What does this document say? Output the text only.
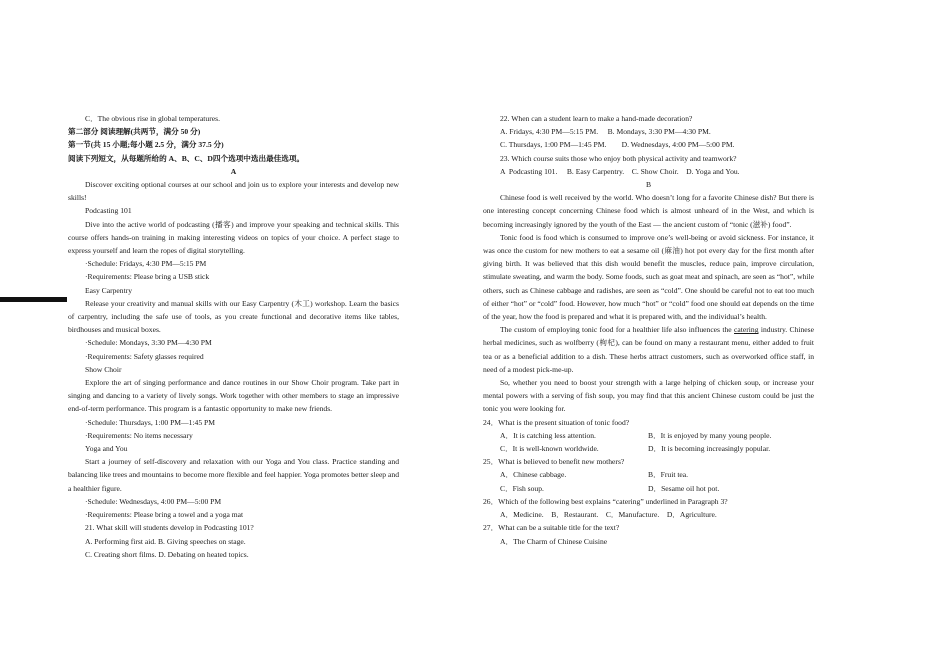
C．The obvious rise in global temperatures.

第二部分 阅读理解(共两节，满分 50 分)

第一节(共 15 小题;每小题 2.5 分，满分 37.5 分)

阅读下列短文，从每题所给的 A、B、C、D四个选项中选出最佳选项。

A

Discover exciting optional courses at our school and join us to explore your interests and develop new skills!

Podcasting 101

Dive into the active world of podcasting (播客) and improve your speaking and technical skills. This course offers hands-on training in making interesting videos on topics of your choice. A perfect stage to express yourself and learn the ropes of digital storytelling.

·Schedule: Fridays, 4:30 PM—5:15 PM

·Requirements: Please bring a USB stick

Easy Carpentry

Release your creativity and manual skills with our Easy Carpentry (木工) workshop. Learn the basics of carpentry, including the safe use of tools, as you create functional and decorative items like tables, birdhouses and musical boxes.

·Schedule: Mondays, 3:30 PM—4:30 PM

·Requirements: Safety glasses required

Show Choir

Explore the art of singing performance and dance routines in our Show Choir program. Take part in singing and dancing to a variety of lively songs. Work together with other members to stage an impressive end-of-term performance. This program is a fantastic opportunity to make new friends.

·Schedule: Thursdays, 1:00 PM—1:45 PM

·Requirements: No items necessary

Yoga and You

Start a journey of self-discovery and relaxation with our Yoga and You class. Practice standing and balancing like trees and mountains to become more flexible and feel happier. Yoga promotes better sleep and a healthier figure.

·Schedule: Wednesdays, 4:00 PM—5:00 PM

·Requirements: Please bring a towel and a yoga mat

21. What skill will students develop in Podcasting 101?

A. Performing first aid. B. Giving speeches on stage.

C. Creating short films. D. Debating on heated topics.

22. When can a student learn to make a hand-made decoration?

A. Fridays, 4:30 PM—5:15 PM.     B. Mondays, 3:30 PM—4:30 PM.

C. Thursdays, 1:00 PM—1:45 PM.        D. Wednesdays, 4:00 PM—5:00 PM.

23. Which course suits those who enjoy both physical activity and teamwork?

A  Podcasting 101.     B. Easy Carpentry.    C. Show Choir.    D. Yoga and You.

B

Chinese food is well received by the world. Who doesn’t long for a favorite Chinese dish? But there is one interesting concept concerning Chinese food which is almost unheard of in the West, and which is becoming increasingly ignored by the youth of the East — the ancient custom of “tonic (滋补) food”.

Tonic food is food which is consumed to improve one’s well-being or avoid sickness. For instance, it was once the custom for new mothers to eat a sesame oil (麻油) hot pot every day for the first month after giving birth. It was believed that this dish would benefit the muscles, reduce pain, improve circulation, stimulate sweating, and warm the body. Some foods, such as goat meat and spinach, are seen as “hot”, while others, such as Chinese cabbage and radishes, are seen as “cold”. One should be careful not to eat too much of either “hot” or “cold” food. However, how much “hot” or “cold” food one should eat depends on the time of the year, how the food is prepared and what it is prepared with, and the individual’s health.

The custom of employing tonic food for a healthier life also influences the catering industry. Chinese herbal medicines, such as wolfberry (枸杞), can be found on many a restaurant menu, either added to fruit tea or as a beneficial addition to a dish. These herbs attract customers, such as overworked office staff, in need of a modest pick-me-up.

So, whether you need to boost your strength with a large helping of chicken soup, or increase your mental powers with a serving of fish soup, you may find that this ancient Chinese custom could be just the tonic you were looking for.

24．What is the present situation of tonic food?

A．It is catching less attention.	B．It is enjoyed by many young people.
C．It is well-known worldwide.	D．It is becoming increasingly popular.

25．What is believed to benefit new mothers?

A．Chinese cabbage.	B．Fruit tea.
C．Fish soup.	D．Sesame oil hot pot.

26．Which of the following best explains “catering” underlined in Paragraph 3?

A．Medicine.    B．Restaurant.    C．Manufacture.    D．Agriculture.

27．What can be a suitable title for the text?

A．The Charm of Chinese Cuisine
